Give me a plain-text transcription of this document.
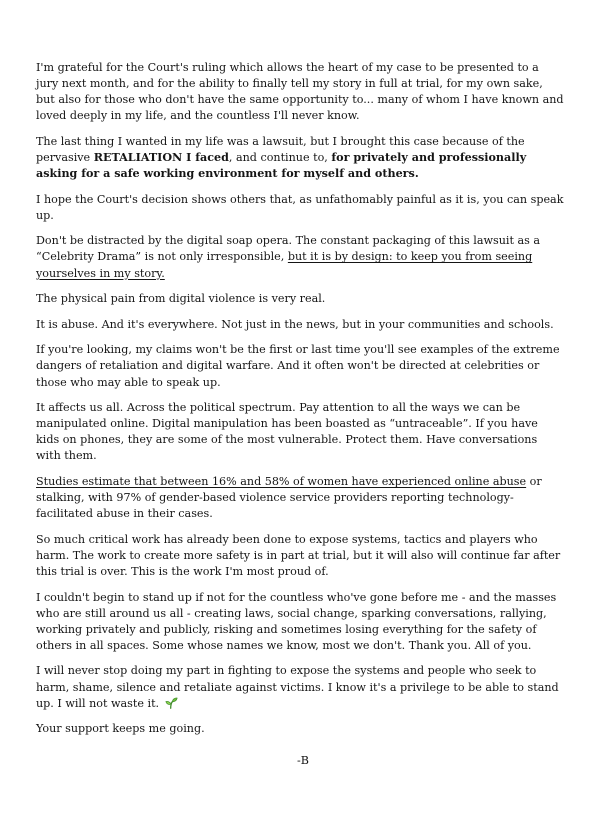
I'm grateful for the Court's ruling which allows the heart of my case to be presented to a jury next month, and for the ability to finally tell my story in full at trial, for my own sake, but also for those who don't have the same opportunity to... many of whom I have known and loved deeply in my life, and the countless I'll never know.

The last thing I wanted in my life was a lawsuit, but I brought this case because of the pervasive RETALIATION I faced, and continue to, for privately and professionally asking for a safe working environment for myself and others.

I hope the Court's decision shows others that, as unfathomably painful as it is, you can speak up.

Don't be distracted by the digital soap opera. The constant packaging of this lawsuit as a “Celebrity Drama” is not only irresponsible, but it is by design: to keep you from seeing yourselves in my story.

The physical pain from digital violence is very real.

It is abuse. And it's everywhere. Not just in the news, but in your communities and schools.

If you're looking, my claims won't be the first or last time you'll see examples of the extreme dangers of retaliation and digital warfare. And it often won't be directed at celebrities or those who may able to speak up.

It affects us all. Across the political spectrum. Pay attention to all the ways we can be manipulated online. Digital manipulation has been boasted as “untraceable”. If you have kids on phones, they are some of the most vulnerable. Protect them. Have conversations with them.

Studies estimate that between 16% and 58% of women have experienced online abuse or stalking, with 97% of gender-based violence service providers reporting technology-facilitated abuse in their cases.

So much critical work has already been done to expose systems, tactics and players who harm. The work to create more safety is in part at trial, but it will also will continue far after this trial is over. This is the work I'm most proud of.

I couldn't begin to stand up if not for the countless who've gone before me - and the masses who are still around us all - creating laws, social change, sparking conversations, rallying, working privately and publicly, risking and sometimes losing everything for the safety of others in all spaces. Some whose names we know, most we don't. Thank you. All of you.

I will never stop doing my part in fighting to expose the systems and people who seek to harm, shame, silence and retaliate against victims. I know it's a privilege to be able to stand up. I will not waste it.

Your support keeps me going.

-B
